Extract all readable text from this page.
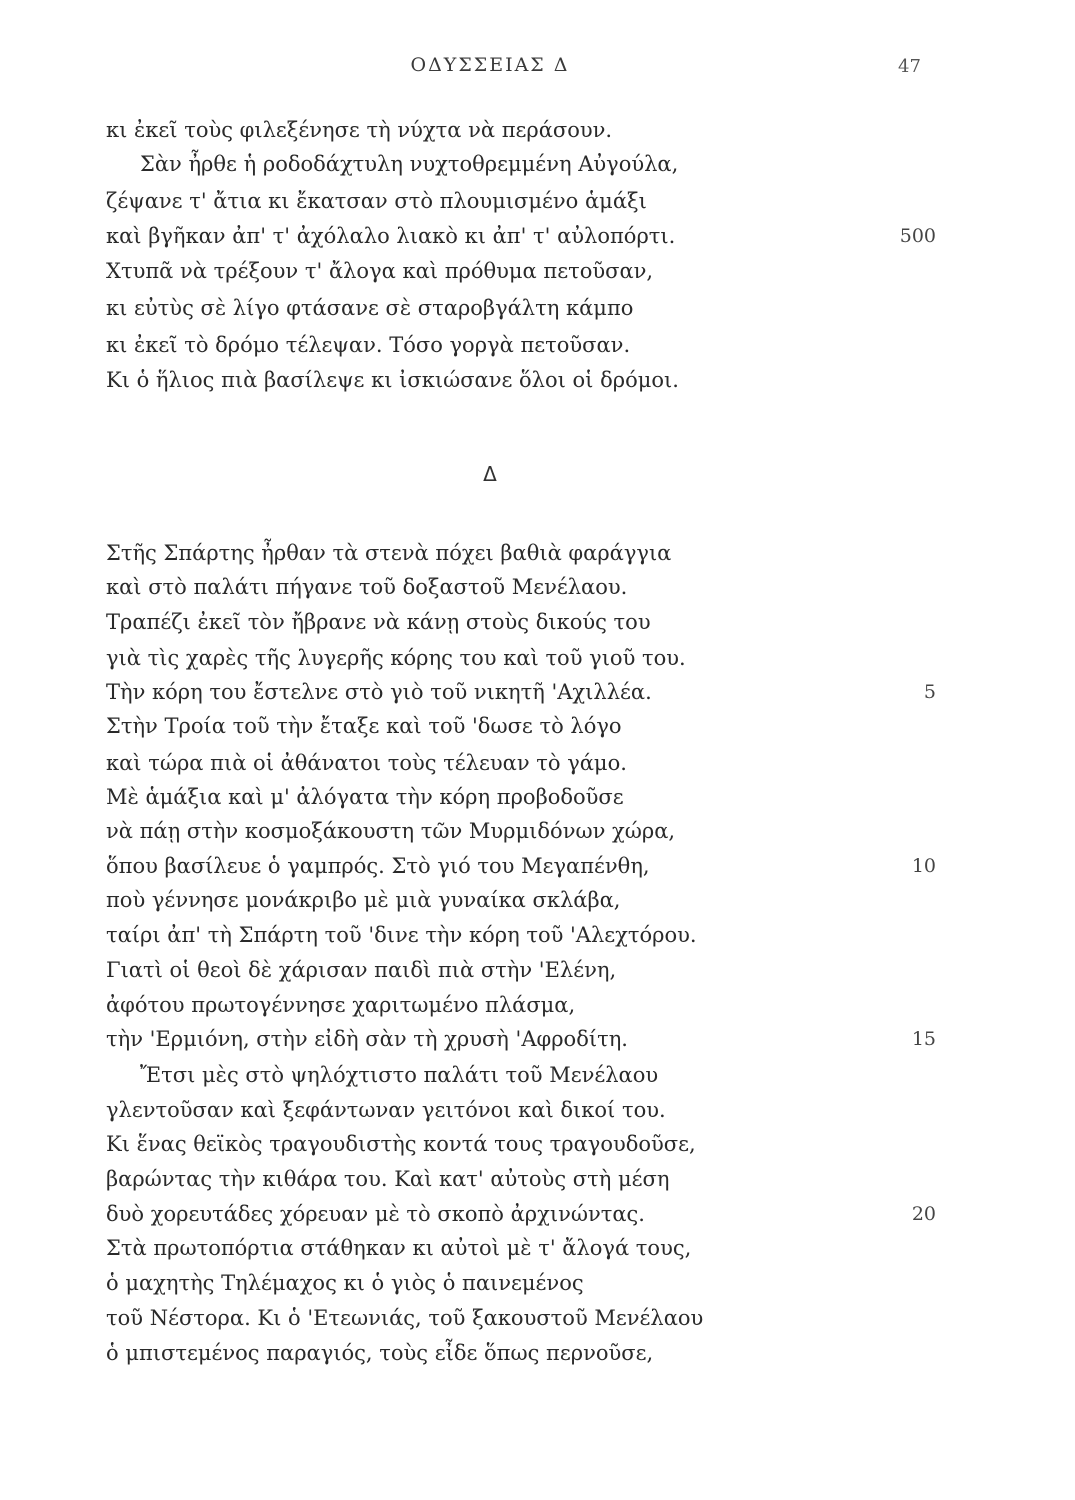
ΟΔΥΣΣΕΙΑΣ Δ	47
κι ἐκεῖ τοὺς φιλεξένησε τὴ νύχτα νὰ περάσουν.
Σὰν ἦρθε ἡ ροδοδάχτυλη νυχτοθρεμμένη Αὐγούλα,
ζέψανε τ' ἄτια κι ἔκατσαν στὸ πλουμισμένο ἁμάξι
καὶ βγῆκαν ἀπ' τ' ἀχόλαλο λιακὸ κι ἀπ' τ' αὐλοπόρτι.	500
Χτυπᾶ νὰ τρέξουν τ' ἄλογα καὶ πρόθυμα πετοῦσαν,
κι εὐτὺς σὲ λίγο φτάσανε σὲ σταροβγάλτη κάμπο
κι ἐκεῖ τὸ δρόμο τέλεψαν. Τόσο γοργὰ πετοῦσαν.
Κι ὁ ἥλιος πιὰ βασίλεψε κι ἰσκιώσανε ὅλοι οἱ δρόμοι.
Δ
Στῆς Σπάρτης ἦρθαν τὰ στενὰ πόχει βαθιὰ φαράγγια
καὶ στὸ παλάτι πήγανε τοῦ δοξαστοῦ Μενέλαου.
Τραπέζι ἐκεῖ τὸν ἤβρανε νὰ κάνῃ στοὺς δικούς του
γιὰ τὶς χαρὲς τῆς λυγερῆς κόρης του καὶ τοῦ γιοῦ του.
Τὴν κόρη του ἔστελνε στὸ γιὸ τοῦ νικητῆ 'Αχιλλέα.	5
Στὴν Τροία τοῦ τὴν ἔταξε καὶ τοῦ 'δωσε τὸ λόγο
καὶ τώρα πιὰ οἱ ἀθάνατοι τοὺς τέλευαν τὸ γάμο.
Μὲ ἁμάξια καὶ μ' ἀλόγατα τὴν κόρη προβοδοῦσε
νὰ πάῃ στὴν κοσμοξάκουστη τῶν Μυρμιδόνων χώρα,
ὅπου βασίλευε ὁ γαμπρός. Στὸ γιό του Μεγαπένθη,	10
ποὺ γέννησε μονάκριβο μὲ μιὰ γυναίκα σκλάβα,
ταίρι ἀπ' τὴ Σπάρτη τοῦ 'δινε τὴν κόρη τοῦ 'Αλεχτόρου.
Γιατὶ οἱ θεοὶ δὲ χάρισαν παιδὶ πιὰ στὴν 'Ελένη,
ἀφότου πρωτογέννησε χαριτωμένο πλάσμα,
τὴν 'Ερμιόνη, στὴν εἰδὴ σὰν τὴ χρυσὴ 'Αφροδίτη.	15
Ἔτσι μὲς στὸ ψηλόχτιστο παλάτι τοῦ Μενέλαου
γλεντοῦσαν καὶ ξεφάντωναν γειτόνοι καὶ δικοί του.
Κι ἕνας θεϊκὸς τραγουδιστὴς κοντά τους τραγουδοῦσε,
βαρώντας τὴν κιθάρα του. Καὶ κατ' αὐτοὺς στὴ μέση
δυὸ χορευτάδες χόρευαν μὲ τὸ σκοπὸ ἀρχινώντας.	20
Στὰ πρωτοπόρτια στάθηκαν κι αὐτοὶ μὲ τ' ἄλογά τους,
ὁ μαχητὴς Τηλέμαχος κι ὁ γιὸς ὁ παινεμένος
τοῦ Νέστορα. Κι ὁ 'Ετεωνιάς, τοῦ ξακουστοῦ Μενέλαου
ὁ μπιστεμένος παραγιός, τοὺς εἶδε ὅπως περνοῦσε,
